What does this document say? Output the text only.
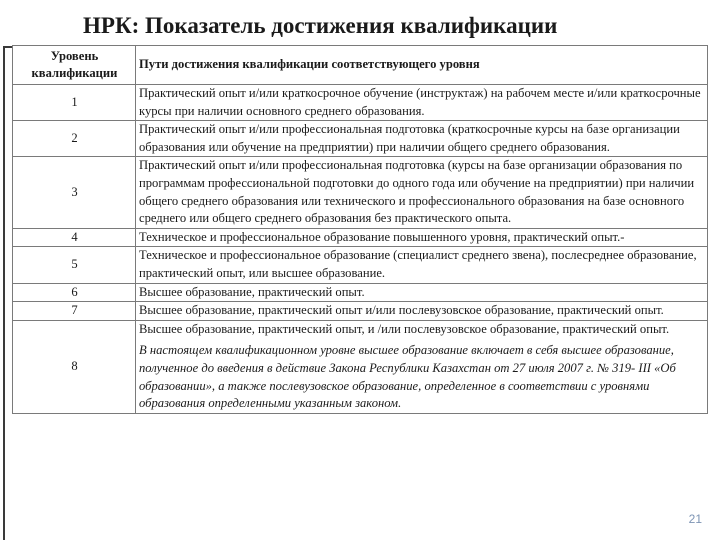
НРК: Показатель достижения квалификации
Уровень квалификации	Пути достижения квалификации соответствующего уровня
1	Практический опыт и/или краткосрочное обучение (инструктаж) на рабочем месте и/или краткосрочные курсы при наличии основного среднего образования.
2	Практический опыт и/или профессиональная подготовка (краткосрочные курсы на базе организации образования или обучение на предприятии) при наличии общего среднего образования.
3	Практический опыт и/или профессиональная подготовка (курсы на базе организации образования по программам профессиональной подготовки до одного года или обучение на предприятии) при наличии общего среднего образования или технического и профессионального образования на базе основного среднего или общего среднего образования без практического опыта.
4	Техническое и профессиональное образование повышенного уровня, практический опыт.-
5	Техническое и профессиональное образование (специалист среднего звена), послесреднее образование, практический опыт, или высшее образование.
6	Высшее образование, практический опыт.
7	Высшее образование, практический опыт и/или послевузовское образование, практический опыт.
8	Высшее образование, практический опыт, и /или послевузовское образование, практический опыт.
В настоящем квалификационном уровне высшее образование включает в себя высшее образование, полученное до введения в действие Закона Республики Казахстан от 27 июля 2007 г. № 319- III «Об образовании», а также послевузовское образование, определенное в соответствии с уровнями образования определенными указанным законом.
21
